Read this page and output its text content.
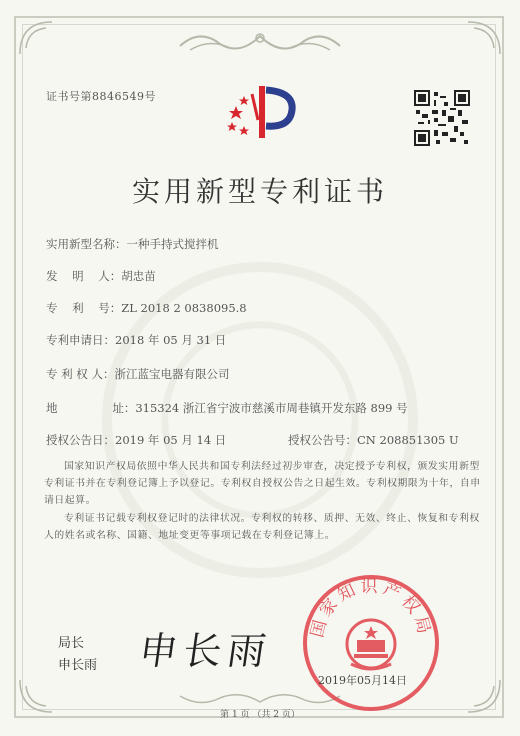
证书号第8846549号
实用新型专利证书
实用新型名称：一种手持式搅拌机
发    明    人：胡忠苗
专    利    号：ZL 2018 2 0838095.8
专利申请日：2018 年 05 月 31 日
专 利 权 人：浙江蓝宝电器有限公司
地               址：315324 浙江省宁波市慈溪市周巷镇开发东路 899 号
授权公告日：2019 年 05 月 14 日	授权公告号：CN 208851305 U
国家知识产权局依照中华人民共和国专利法经过初步审查，决定授予专利权，颁发实用新型专利证书并在专利登记簿上予以登记。专利权自授权公告之日起生效。专利权期限为十年，自申请日起算。
专利证书记载专利权登记时的法律状况。专利权的转移、质押、无效、终止、恢复和专利权人的姓名或名称、国籍、地址变更等事项记载在专利登记簿上。
局长
申长雨 申长雨
国家知识产权局
2019年05月14日
第 1 页 （共 2 页）
